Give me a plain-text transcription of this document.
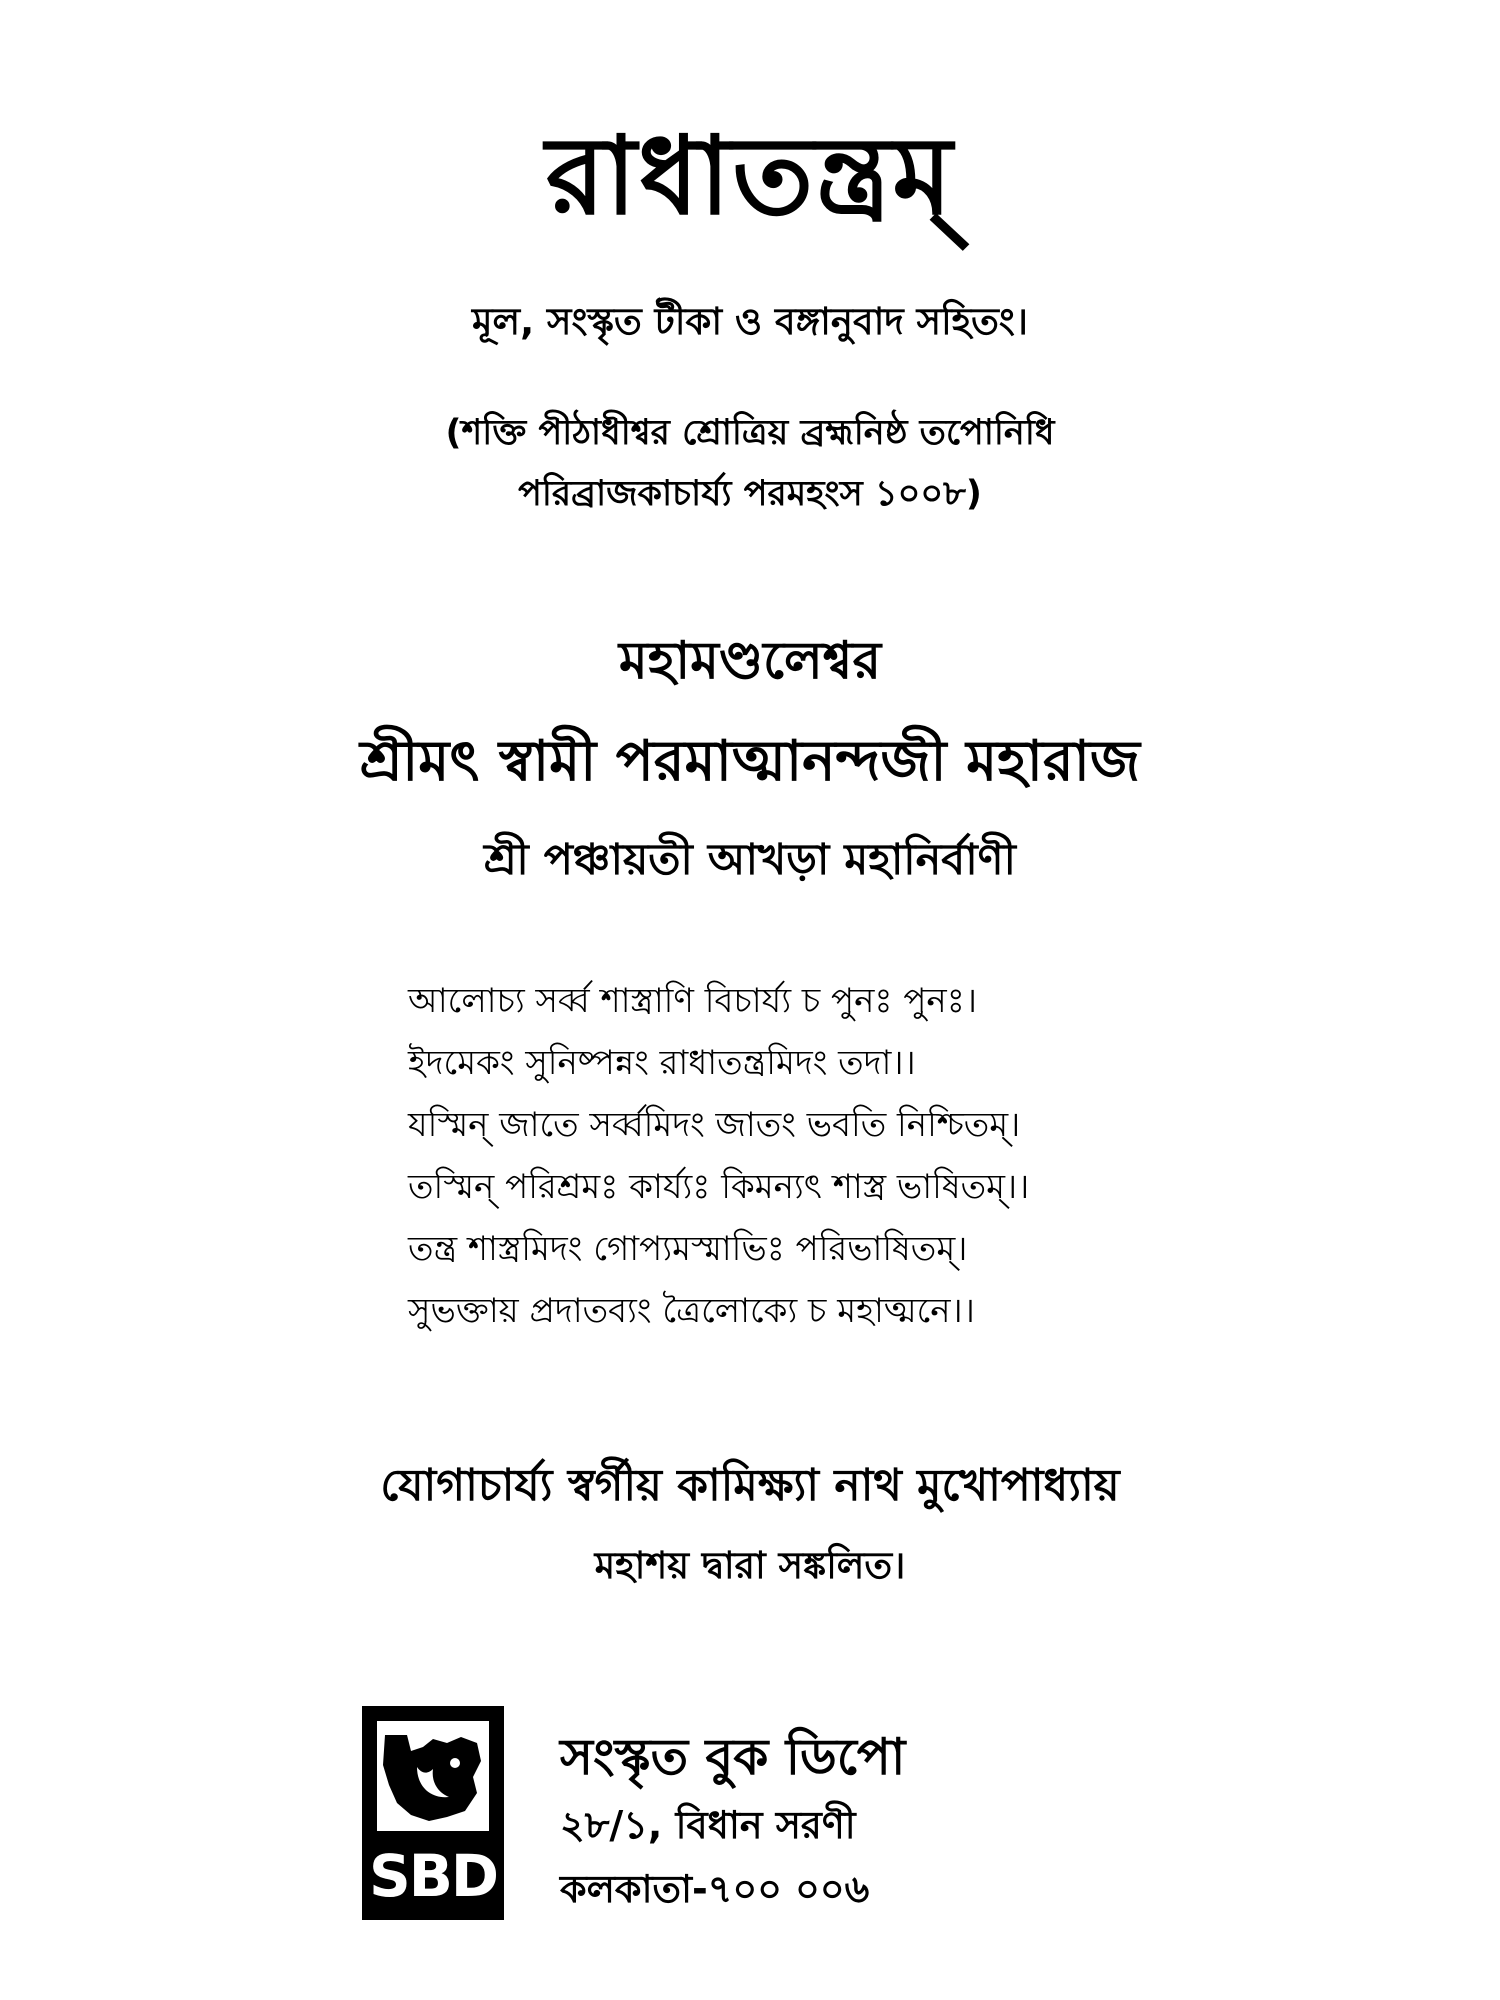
রাধাতন্ত্রম্
মূল, সংস্কৃত টীকা ও বঙ্গানুবাদ সহিতং।
(শক্তি পীঠাধীশ্বর শ্রোত্রিয় ব্রহ্মনিষ্ঠ তপোনিধি
পরিব্রাজকাচার্য্য পরমহংস ১০০৮)
মহামণ্ডলেশ্বর
শ্রীমৎ স্বামী পরমাত্মানন্দজী মহারাজ
শ্রী পঞ্চায়তী আখড়া মহানির্বাণী
আলোচ্য সর্ব্ব শাস্ত্রাণি বিচার্য্য চ পুনঃ পুনঃ।
ইদমেকং সুনিষ্পন্নং রাধাতন্ত্রমিদং তদা।।
যস্মিন্ জাতে সর্ব্বমিদং জাতং ভবতি নিশ্চিতম্।
তস্মিন্ পরিশ্রমঃ কার্য্যঃ কিমন্যৎ শাস্ত্র ভাষিতম্।।
তন্ত্র শাস্ত্রমিদং গোপ্যমস্মাভিঃ পরিভাষিতম্।
সুভক্তায় প্রদাতব্যং ত্রৈলোক্যে চ মহাত্মনে।।
যোগাচার্য্য স্বর্গীয় কামিক্ষ্যা নাথ মুখোপাধ্যায়
মহাশয় দ্বারা সঙ্কলিত।
SBD
সংস্কৃত বুক ডিপো
২৮/১, বিধান সরণী
কলকাতা-৭০০ ০০৬
